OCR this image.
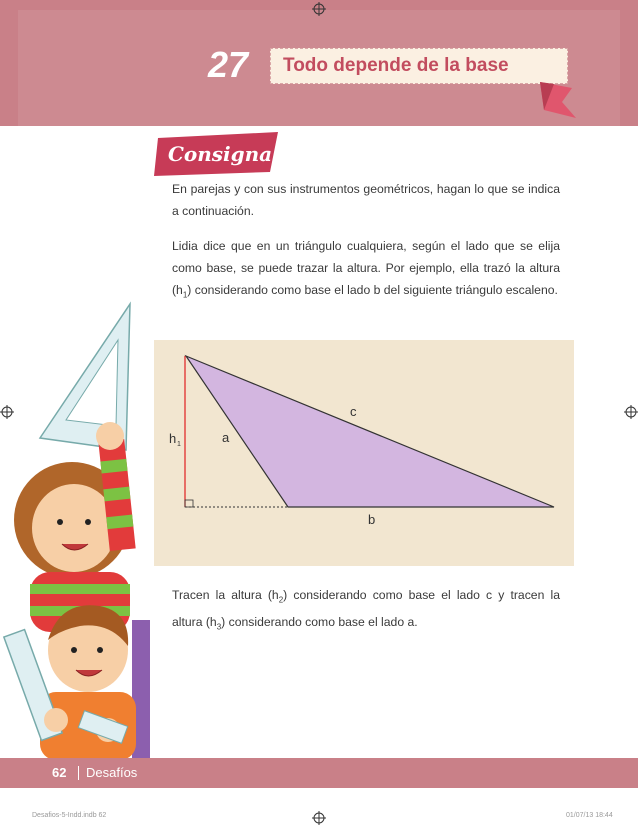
27	Todo depende de la base
Consigna
En parejas y con sus instrumentos geométricos, hagan lo que se indica a continuación.
Lidia dice que en un triángulo cualquiera, según el lado que se elija como base, se puede trazar la altura. Por ejemplo, ella trazó la altura $(h_1)$ considerando como base el lado b del siguiente triángulo escaleno.
c
a
b
h 1
Tracen la altura $(h_2)$ considerando como base el lado c y tracen la altura $(h_3)$ considerando como base el lado a.
62 Desafíos
Desafios-5-Indd.indb 62	01/07/13 18:44
